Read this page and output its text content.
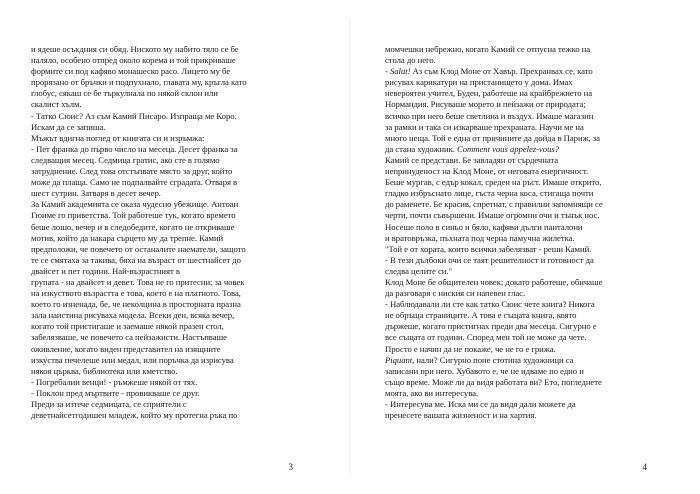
и ядеше осъкдния си обяд. Ниското му набито тяло се бе
наляло, особено отпред около корема и той прикриваше
формите си под кафяво монашеско расо. Лицето му бе
прорязано от бръчки и подпухнало, главата му, кръгла като
глобус, сякаш се бе търкулнала по някой склон или
скалист хълм.
- Татко Сюис? Аз съм Камий Писаро. Изпраща ме Коро.
Искам да се запиша.
Мъжът вдигна поглед от книгата си и изръмжа:
- Пет франка до първо число на месеца. Десет франка за
следващия месец. Седмица гратис, ако сте в голямо
затруднение. След това отстъпвате място за друг, който
може да плаща. Само не подпалвайте сградата. Отваря в
шест сутрин. Затваря в десет вечер.
За Камий академията се оказа чудесно убежище. Антоан
Гюиме го приветства. Той работеше тук, когато времето
беше лошо, вечер и в следобедите, когато не откриваше
мотив, който да накара сърцето му да трепне. Камий
предположи, че повечето от останалите наематели, защото
те се смятаха за такива, бяха на възраст от шестнайсет до
двайсет и пет години. Най-възрастният в
групата - на двайсет и девет. Това не го притесни; за човек
на изкуството възрастта е това, което е на платното. Това,
което го изненада, бе, че неколцина в просторната празна
зала наистина рисуваха модела. Всеки ден, всяка вечер,
когато той пристигаше и заемаше някой празен стол,
забелязваше, че повечето са пейзажисти. Настъпваше
оживление, когато виден представител на изящните
изкуства печелеше или медал, или поръчка да изрисува
някоя църква, библиотека или кметство.
- Погребалии венци! - ръмжеше някой от тях.
- Поклон пред мъртвите - провикваше се друг.
Преди за изтече седмицата, се сприятели с
деветнайсетгодишен младеж, който му протегна ръка по
3
момчешки небрежно, когато Камий се отпусна тежко на
стола до него.
- Salut! Аз съм Клод Моне от Хавър. Прехранвах се, като
рисувах карикатури на пристанището у дома. Имах
невероятен учител, Буден, работеше на крайбрежието на
Нормандия. Рисуваше морето и пейзажи от природата;
всичко при него беше светлина и въздух. Имаше магазин
за рамки и така си изкарваше прехраната. Научи ме на
много неща. Той е една от причините да дойда в Париж, за
да стана художник. Comment vous appelez-vous?
Камий се представи. Бе завладян от сърдечната
непринуденост на Клод Моне, от неговата енергичност.
Беше мургав, с едър кокал, среден на ръст. Имаше открито,
гладко избръснато лице, гъста черна коса, стигаща почти
до раменете. Бе красив, спретнат, с правилни запомнящи се
черти, почти съвършени. Имаше огромни очи и тънък нос.
Носеше поло в синьо и бяло, кафяви дълги панталони
и вратовръзка, пъхната под черна памучна жилетка.
"Той е от хората, които всички забелязват - реши Камий.
- В тези дълбоки очи се таят решителност и готовност да
следва целите си."
Клод Моне бе общителен човек; докато работеше, обичаше
да разговаря с ниския си напевен глас.
- Наблюдавали ли сте как татко Сюис чете книга? Никога
не обръща страниците. А това е същата книга, която
държеше, когато пристигнах преди два месеца. Сигурно е
все същата от години. Според мен той не може да чете.
Просто е начин да не покаже, че не го е грижа.
Piquant, нали? Сигурно поне стотина художници са
записани при него. Хубавото е, че не идваме по едно и
също време. Може ли да видя работата ви? Ето, погледнете
моята, ако ви интересува.
- Интересува ме. Иска ми се да видя дали можете да
пренесете вашата жизненост и на хартия.
4
